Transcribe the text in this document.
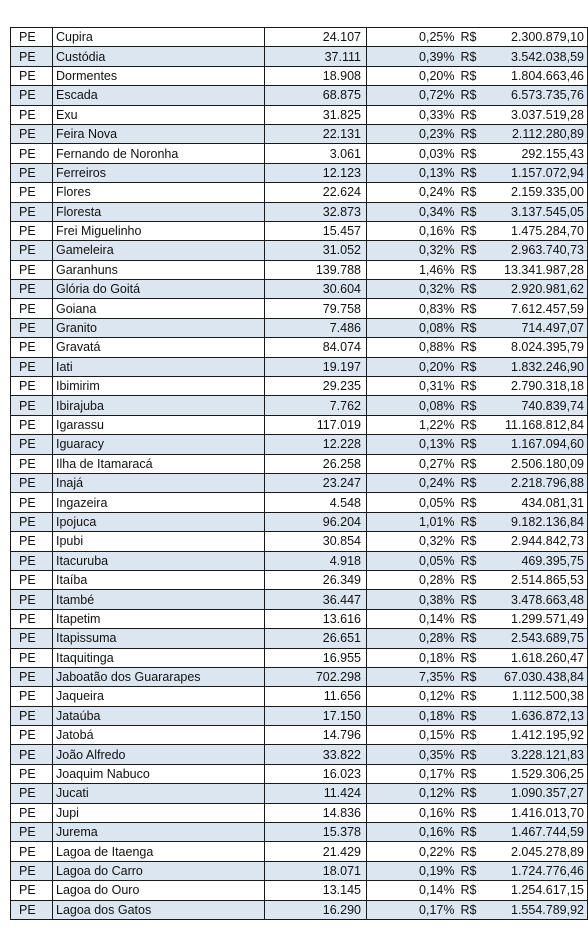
PE	Cupira	24.107	0,25%	R$	2.300.879,10
PE	Custódia	37.111	0,39%	R$	3.542.038,59
PE	Dormentes	18.908	0,20%	R$	1.804.663,46
PE	Escada	68.875	0,72%	R$	6.573.735,76
PE	Exu	31.825	0,33%	R$	3.037.519,28
PE	Feira Nova	22.131	0,23%	R$	2.112.280,89
PE	Fernando de Noronha	3.061	0,03%	R$	292.155,43
PE	Ferreiros	12.123	0,13%	R$	1.157.072,94
PE	Flores	22.624	0,24%	R$	2.159.335,00
PE	Floresta	32.873	0,34%	R$	3.137.545,05
PE	Frei Miguelinho	15.457	0,16%	R$	1.475.284,70
PE	Gameleira	31.052	0,32%	R$	2.963.740,73
PE	Garanhuns	139.788	1,46%	R$	13.341.987,28
PE	Glória do Goitá	30.604	0,32%	R$	2.920.981,62
PE	Goiana	79.758	0,83%	R$	7.612.457,59
PE	Granito	7.486	0,08%	R$	714.497,07
PE	Gravatá	84.074	0,88%	R$	8.024.395,79
PE	Iati	19.197	0,20%	R$	1.832.246,90
PE	Ibimirim	29.235	0,31%	R$	2.790.318,18
PE	Ibirajuba	7.762	0,08%	R$	740.839,74
PE	Igarassu	117.019	1,22%	R$	11.168.812,84
PE	Iguaracy	12.228	0,13%	R$	1.167.094,60
PE	Ilha de Itamaracá	26.258	0,27%	R$	2.506.180,09
PE	Inajá	23.247	0,24%	R$	2.218.796,88
PE	Ingazeira	4.548	0,05%	R$	434.081,31
PE	Ipojuca	96.204	1,01%	R$	9.182.136,84
PE	Ipubi	30.854	0,32%	R$	2.944.842,73
PE	Itacuruba	4.918	0,05%	R$	469.395,75
PE	Itaíba	26.349	0,28%	R$	2.514.865,53
PE	Itambé	36.447	0,38%	R$	3.478.663,48
PE	Itapetim	13.616	0,14%	R$	1.299.571,49
PE	Itapissuma	26.651	0,28%	R$	2.543.689,75
PE	Itaquitinga	16.955	0,18%	R$	1.618.260,47
PE	Jaboatão dos Guararapes	702.298	7,35%	R$	67.030.438,84
PE	Jaqueira	11.656	0,12%	R$	1.112.500,38
PE	Jataúba	17.150	0,18%	R$	1.636.872,13
PE	Jatobá	14.796	0,15%	R$	1.412.195,92
PE	João Alfredo	33.822	0,35%	R$	3.228.121,83
PE	Joaquim Nabuco	16.023	0,17%	R$	1.529.306,25
PE	Jucati	11.424	0,12%	R$	1.090.357,27
PE	Jupi	14.836	0,16%	R$	1.416.013,70
PE	Jurema	15.378	0,16%	R$	1.467.744,59
PE	Lagoa de Itaenga	21.429	0,22%	R$	2.045.278,89
PE	Lagoa do Carro	18.071	0,19%	R$	1.724.776,46
PE	Lagoa do Ouro	13.145	0,14%	R$	1.254.617,15
PE	Lagoa dos Gatos	16.290	0,17%	R$	1.554.789,92
